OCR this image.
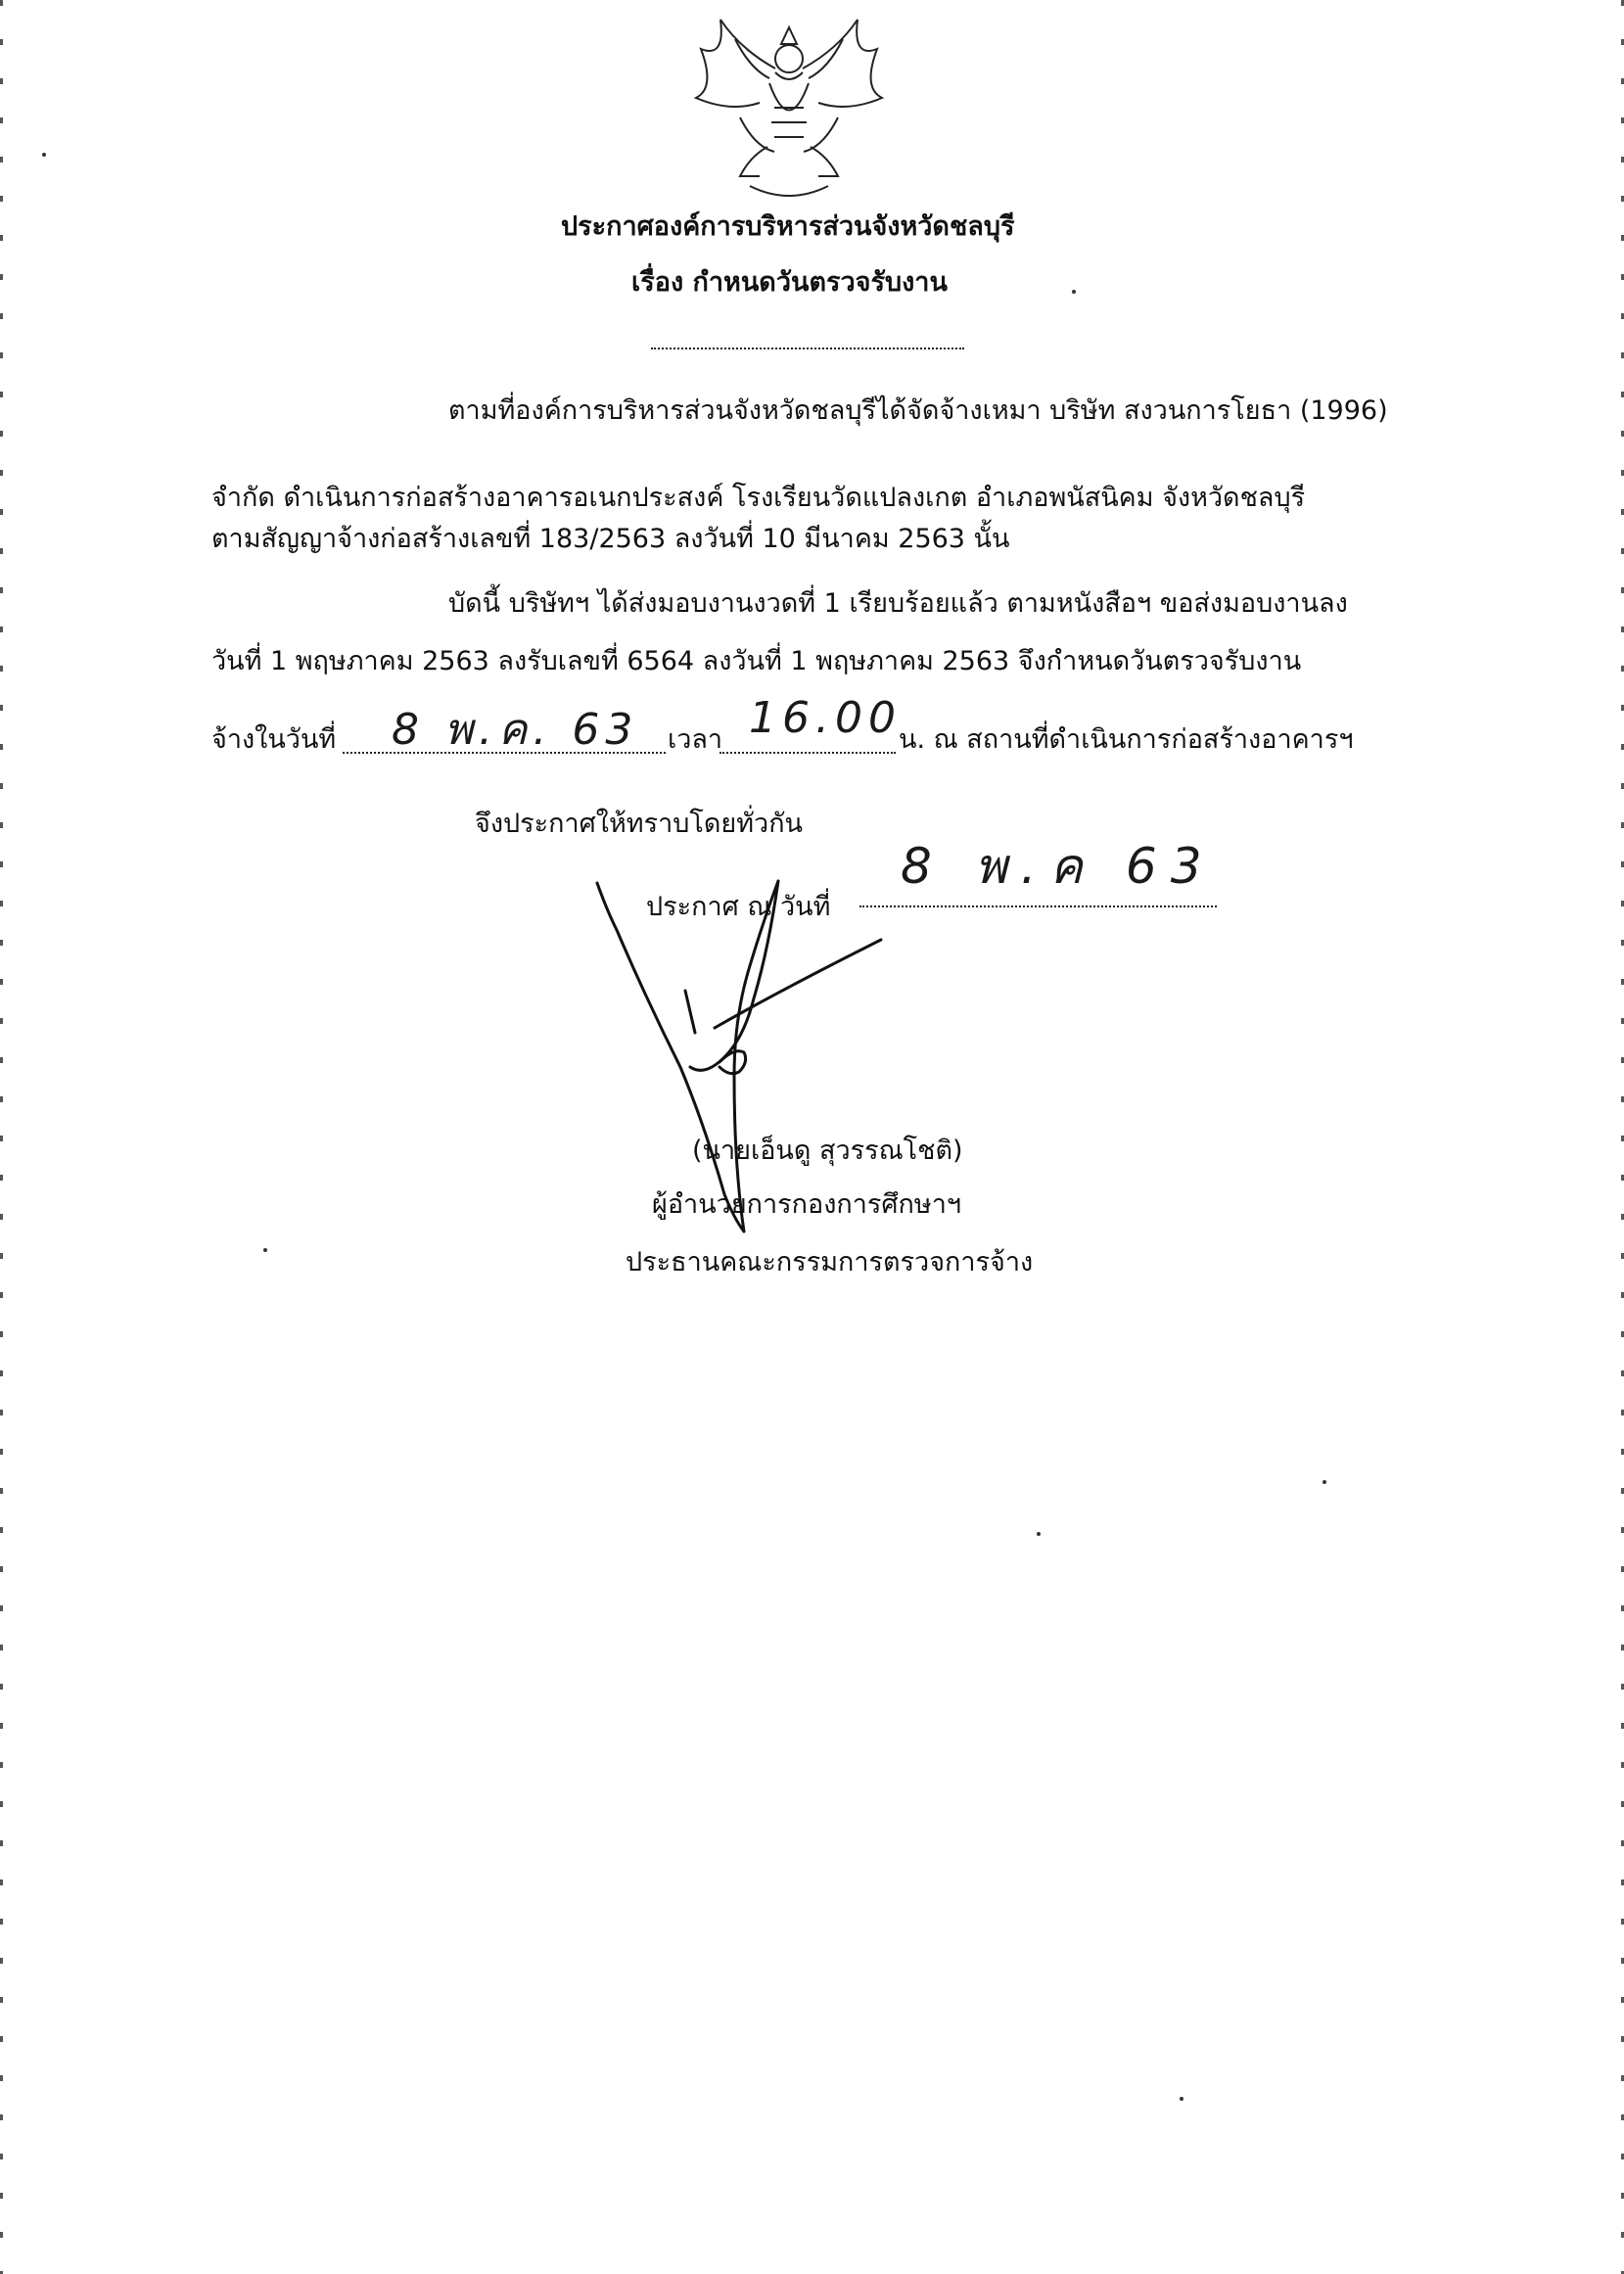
ประกาศองค์การบริหารส่วนจังหวัดชลบุรี
เรื่อง กำหนดวันตรวจรับงาน
ตามที่องค์การบริหารส่วนจังหวัดชลบุรีได้จัดจ้างเหมา บริษัท สงวนการโยธา (1996)
จำกัด ดำเนินการก่อสร้างอาคารอเนกประสงค์ โรงเรียนวัดแปลงเกต อำเภอพนัสนิคม จังหวัดชลบุรี
ตามสัญญาจ้างก่อสร้างเลขที่ 183/2563 ลงวันที่ 10 มีนาคม 2563 นั้น
บัดนี้ บริษัทฯ ได้ส่งมอบงานงวดที่ 1 เรียบร้อยแล้ว ตามหนังสือฯ ขอส่งมอบงานลง
วันที่ 1 พฤษภาคม 2563 ลงรับเลขที่ 6564 ลงวันที่ 1 พฤษภาคม 2563 จึงกำหนดวันตรวจรับงาน
จ้างในวันที่ 8 พ.ค. 63 เวลา 16.00
น. ณ สถานที่ดำเนินการก่อสร้างอาคารฯ
จึงประกาศให้ทราบโดยทั่วกัน
ประกาศ ณ วันที่
8 พ.ค 63
(นายเอ็นดู สุวรรณโชติ)
ผู้อำนวยการกองการศึกษาฯ
ประธานคณะกรรมการตรวจการจ้าง
